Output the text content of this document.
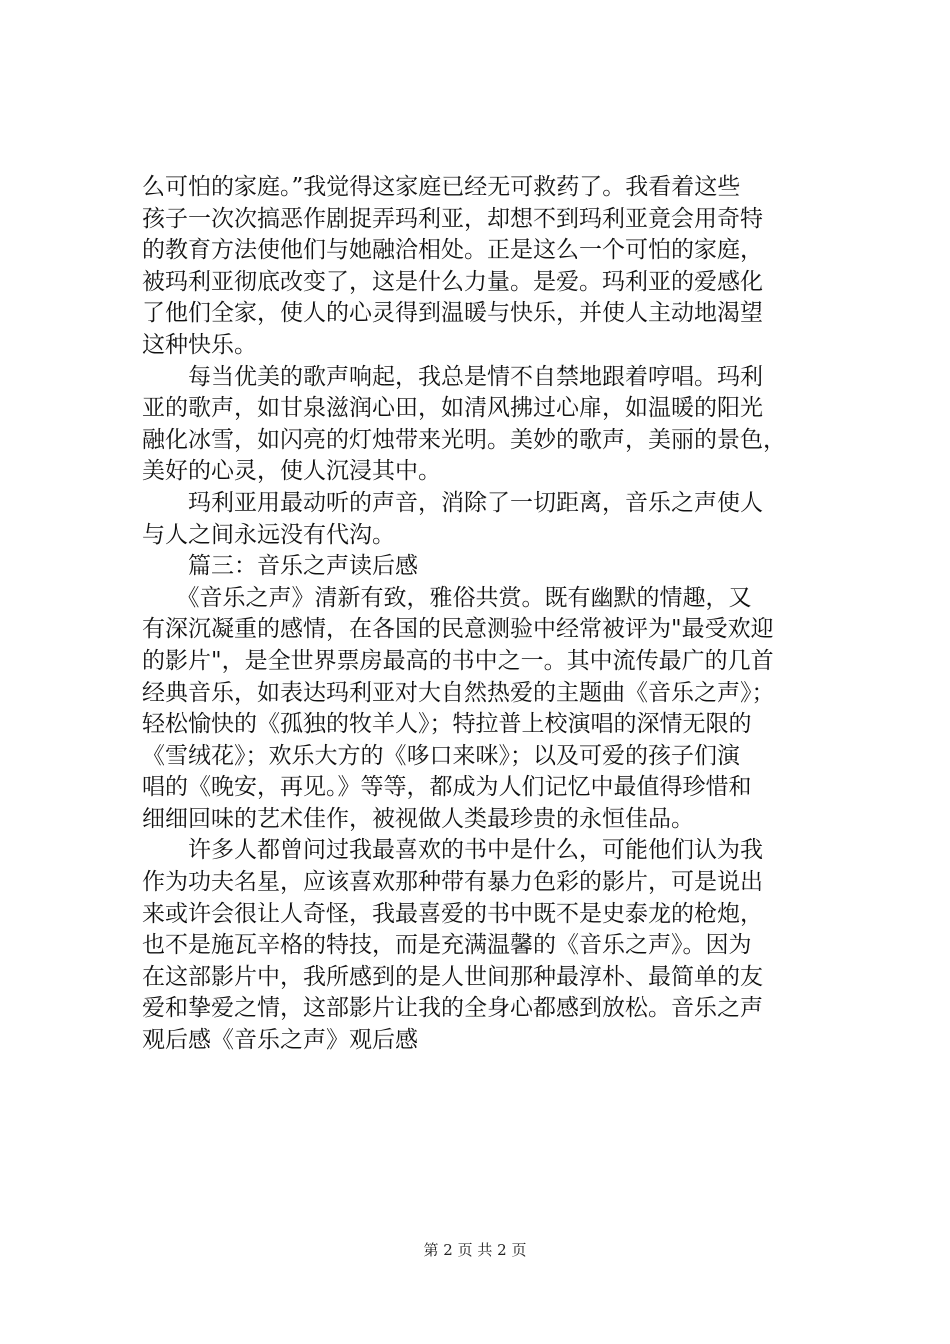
么可怕的家庭。”我觉得这家庭已经无可救药了。我看着这些
孩子一次次搞恶作剧捉弄玛利亚，却想不到玛利亚竟会用奇特
的教育方法使他们与她融洽相处。正是这么一个可怕的家庭，
被玛利亚彻底改变了，这是什么力量。是爱。玛利亚的爱感化
了他们全家，使人的心灵得到温暖与快乐，并使人主动地渴望
这种快乐。
　　每当优美的歌声响起，我总是情不自禁地跟着哼唱。玛利
亚的歌声，如甘泉滋润心田，如清风拂过心扉，如温暖的阳光
融化冰雪，如闪亮的灯烛带来光明。美妙的歌声，美丽的景色，
美好的心灵，使人沉浸其中。
　　玛利亚用最动听的声音，消除了一切距离，音乐之声使人
与人之间永远没有代沟。
　　篇三：音乐之声读后感
　　《音乐之声》清新有致，雅俗共赏。既有幽默的情趣，又
有深沉凝重的感情，在各国的民意测验中经常被评为"最受欢迎
的影片"，是全世界票房最高的书中之一。其中流传最广的几首
经典音乐，如表达玛利亚对大自然热爱的主题曲《音乐之声》；
轻松愉快的《孤独的牧羊人》；特拉普上校演唱的深情无限的
《雪绒花》；欢乐大方的《哆口来咪》；以及可爱的孩子们演
唱的《晚安，再见。》等等，都成为人们记忆中最值得珍惜和
细细回味的艺术佳作，被视做人类最珍贵的永恒佳品。
　　许多人都曾问过我最喜欢的书中是什么，可能他们认为我
作为功夫名星，应该喜欢那种带有暴力色彩的影片，可是说出
来或许会很让人奇怪，我最喜爱的书中既不是史泰龙的枪炮，
也不是施瓦辛格的特技，而是充满温馨的《音乐之声》。因为
在这部影片中，我所感到的是人世间那种最淳朴、最简单的友
爱和挚爱之情，这部影片让我的全身心都感到放松。音乐之声
观后感《音乐之声》观后感
第 2 页 共 2 页
